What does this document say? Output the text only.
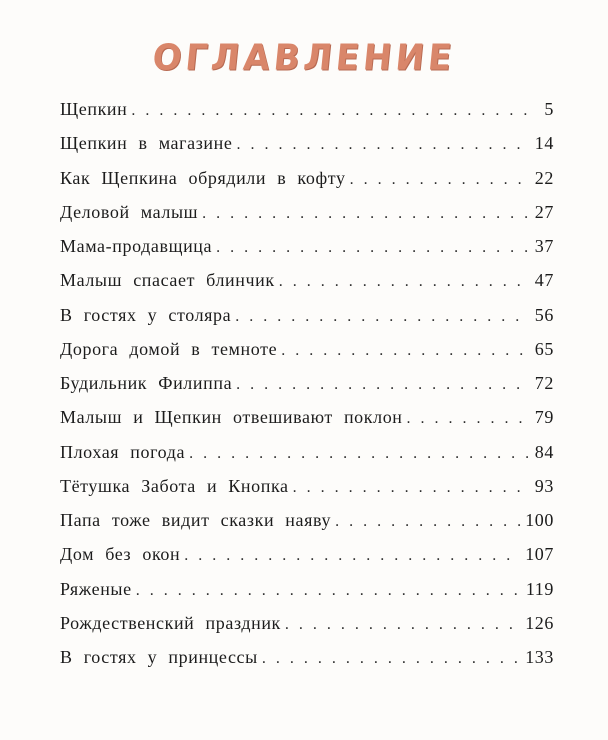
ОГЛАВЛЕНИЕ
Щепкин . . .	5
Щепкин в магазине . . .	14
Как Щепкина обрядили в кофту . . .	22
Деловой малыш . . .	27
Мама-продавщица . . .	37
Малыш спасает блинчик . . .	47
В гостях у столяра . . .	56
Дорога домой в темноте . . .	65
Будильник Филиппа . . .	72
Малыш и Щепкин отвешивают поклон . . .	79
Плохая погода . . .	84
Тётушка Забота и Кнопка . . .	93
Папа тоже видит сказки наяву . . .	100
Дом без окон . . .	107
Ряженые . . .	119
Рождественский праздник . . .	126
В гостях у принцессы . . .	133
